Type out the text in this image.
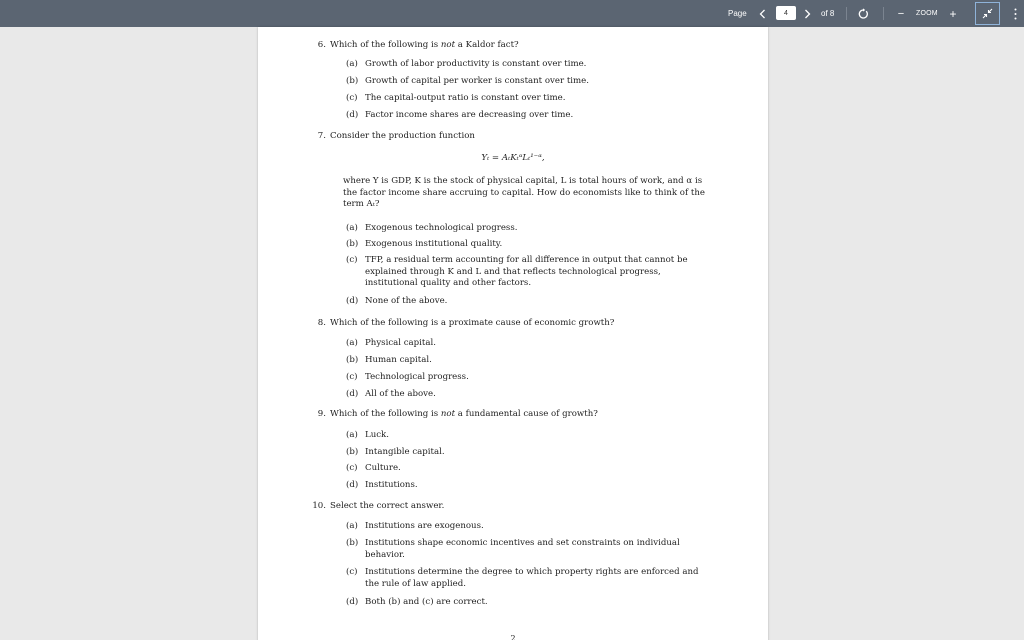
Page
4	of 8	−	ZOOM +
6. Which of the following is not a Kaldor fact?
(a) Growth of labor productivity is constant over time.
(b) Growth of capital per worker is constant over time.
(c) The capital-output ratio is constant over time.
(d) Factor income shares are decreasing over time.
7. Consider the production function
Yₜ = AₜKₜᵅLₜ¹⁻ᵅ,
where Y is GDP, K is the stock of physical capital, L is total hours of work, and α is the factor income share accruing to capital. How do economists like to think of the term Aₜ?
(a) Exogenous technological progress.
(b) Exogenous institutional quality.
(c) TFP, a residual term accounting for all difference in output that cannot be explained through K and L and that reflects technological progress, institutional quality and other factors.
(d) None of the above.
8. Which of the following is a proximate cause of economic growth?
(a) Physical capital.
(b) Human capital.
(c) Technological progress.
(d) All of the above.
9. Which of the following is not a fundamental cause of growth?
(a) Luck.
(b) Intangible capital.
(c) Culture.
(d) Institutions.
10. Select the correct answer.
(a) Institutions are exogenous.
(b) Institutions shape economic incentives and set constraints on individual behavior.
(c) Institutions determine the degree to which property rights are enforced and the rule of law applied.
(d) Both (b) and (c) are correct.
2
